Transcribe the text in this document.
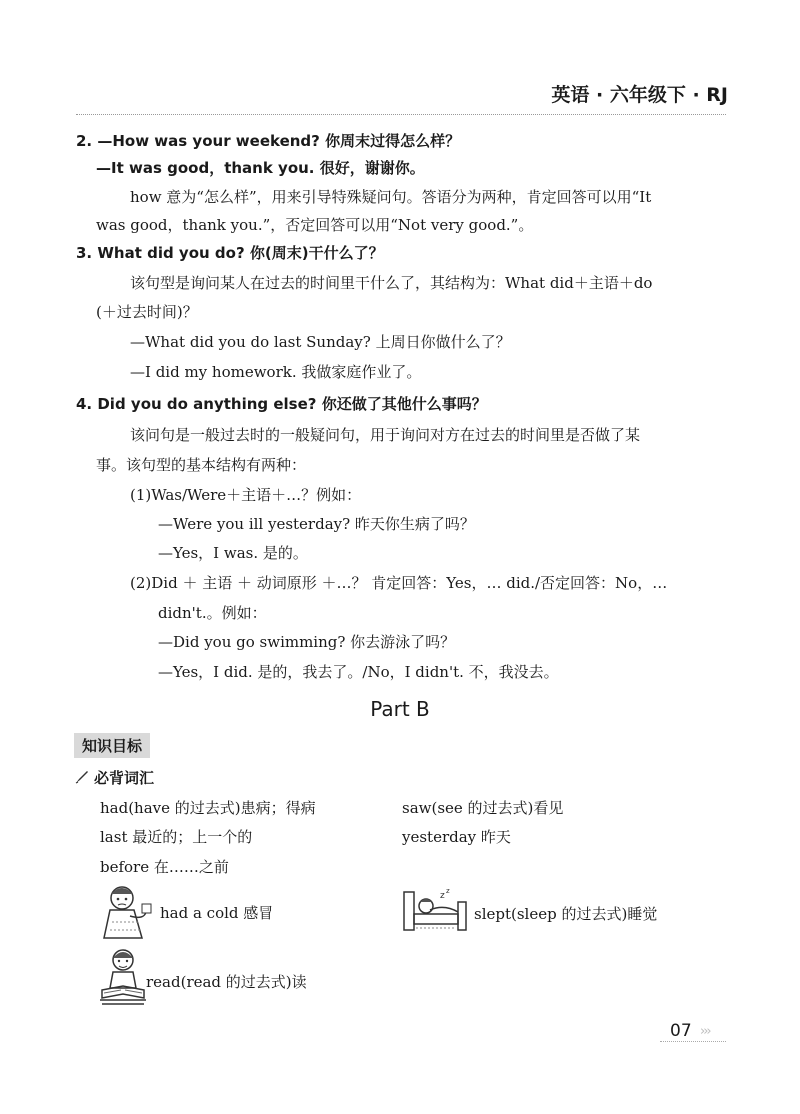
英语 · 六年级下 · RJ
2. —How was your weekend? 你周末过得怎么样？
—It was good，thank you. 很好，谢谢你。
how 意为“怎么样”，用来引导特殊疑问句。答语分为两种，肯定回答可以用“It
was good，thank you.”，否定回答可以用“Not very good.”。
3. What did you do? 你(周末)干什么了？
该句型是询问某人在过去的时间里干什么了，其结构为：What did＋主语＋do
(＋过去时间)？
—What did you do last Sunday? 上周日你做什么了？
—I did my homework. 我做家庭作业了。
4. Did you do anything else? 你还做了其他什么事吗？
该问句是一般过去时的一般疑问句，用于询问对方在过去的时间里是否做了某
事。该句型的基本结构有两种：
(1)Was/Were＋主语＋…？例如：
—Were you ill yesterday? 昨天你生病了吗？
—Yes，I was. 是的。
(2)Did ＋ 主语 ＋ 动词原形 ＋…？ 肯定回答：Yes，… did./否定回答：No，…
didn't.。例如：
—Did you go swimming? 你去游泳了吗？
—Yes，I did. 是的，我去了。/No，I didn't. 不，我没去。
Part B
知识目标
必背词汇
had(have 的过去式)患病；得病	saw(see 的过去式)看见
last 最近的；上一个的	yesterday 昨天
before 在……之前
had a cold 感冒
z z
slept(sleep 的过去式)睡觉
read(read 的过去式)读
07 ›››
